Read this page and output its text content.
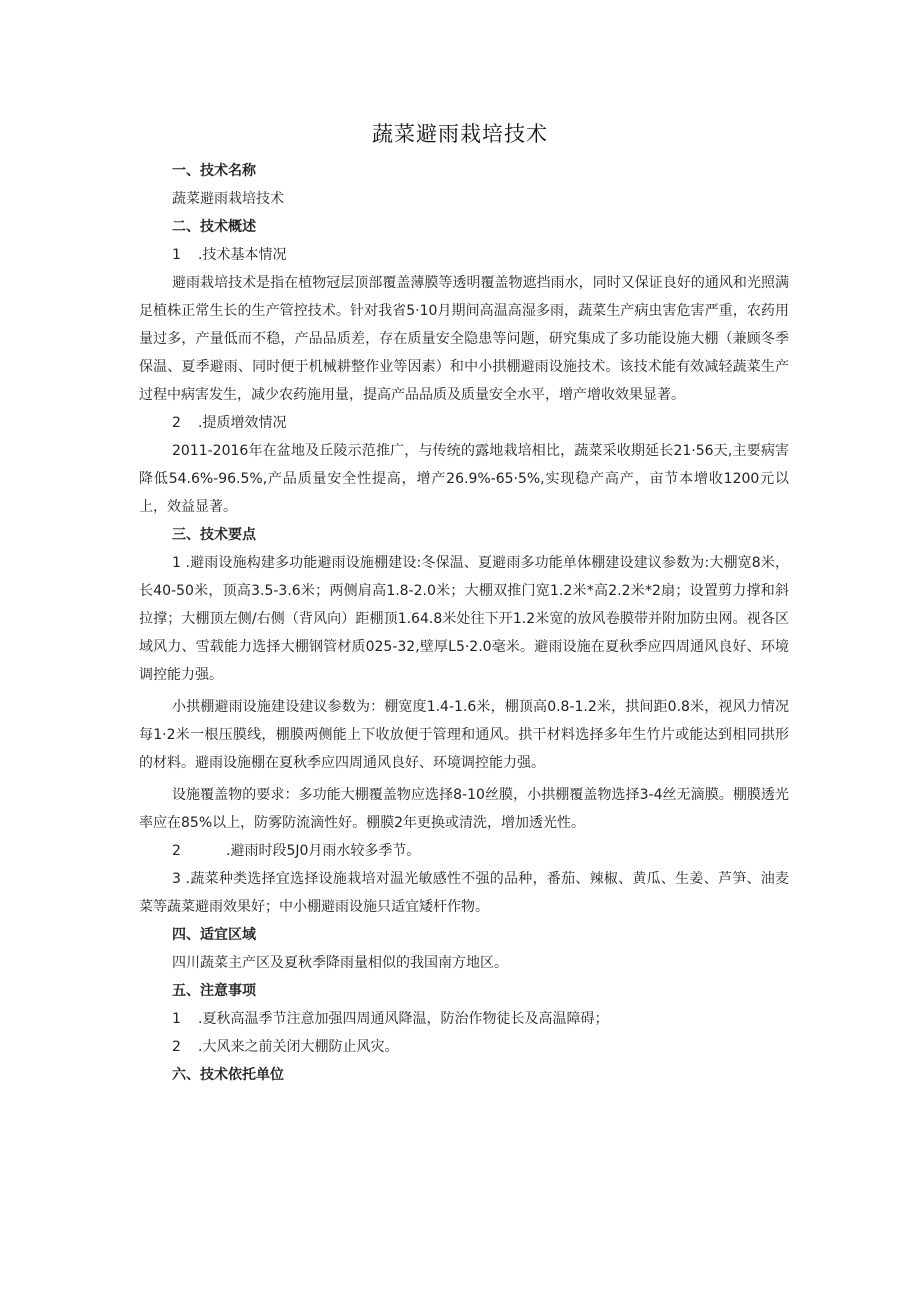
蔬菜避雨栽培技术
一、技术名称
蔬菜避雨栽培技术
二、技术概述
1 .技术基本情况

避雨栽培技术是指在植物冠层顶部覆盖薄膜等透明覆盖物遮挡雨水，同时又保证良好的通风和光照满足植株正常生长的生产管控技术。针对我省5·10月期间高温高湿多雨，蔬菜生产病虫害危害严重，农药用量过多，产量低而不稳，产品品质差，存在质量安全隐患等问题，研究集成了多功能设施大棚（兼顾冬季保温、夏季避雨、同时便于机械耕整作业等因素）和中小拱棚避雨设施技术。该技术能有效减轻蔬菜生产过程中病害发生，减少农药施用量，提高产品品质及质量安全水平，增产增收效果显著。

2 .提质增效情况

2011-2016年在盆地及丘陵示范推广，与传统的露地栽培相比，蔬菜采收期延长21·56天,主要病害降低54.6%-96.5%,产品质量安全性提高，增产26.9%-65·5%,实现稳产高产，亩节本增收1200元以上，效益显著。

三、技术要点

1 .避雨设施构建多功能避雨设施棚建设:冬保温、夏避雨多功能单体棚建设建议参数为:大棚宽8米，长40-50米，顶高3.5-3.6米；两侧肩高1.8-2.0米；大棚双推门宽1.2米*高2.2米*2扇；设置剪力撑和斜拉撑；大棚顶左侧/右侧（背风向）距棚顶1.64.8米处往下开1.2米宽的放风卷膜带并附加防虫网。视各区域风力、雪载能力选择大棚钢管材质025-32,壁厚L5·2.0毫米。避雨设施在夏秋季应四周通风良好、环境调控能力强。

小拱棚避雨设施建设建议参数为：棚宽度1.4-1.6米，棚顶高0.8-1.2米，拱间距0.8米，视风力情况每1·2米一根压膜线，棚膜两侧能上下收放便于管理和通风。拱干材料选择多年生竹片或能达到相同拱形的材料。避雨设施棚在夏秋季应四周通风良好、环境调控能力强。

设施覆盖物的要求：多功能大棚覆盖物应选择8-10丝膜，小拱棚覆盖物选择3-4丝无滴膜。棚膜透光率应在85%以上，防雾防流滴性好。棚膜2年更换或清洗，增加透光性。

2	.避雨时段5J0月雨水较多季节。

3 .蔬菜种类选择宜选择设施栽培对温光敏感性不强的品种，番茄、辣椒、黄瓜、生姜、芦笋、油麦菜等蔬菜避雨效果好；中小棚避雨设施只适宜矮杆作物。

四、适宜区域
四川蔬菜主产区及夏秋季降雨量相似的我国南方地区。
五、注意事项
1 .夏秋高温季节注意加强四周通风降温，防治作物徒长及高温障碍；
2 .大风来之前关闭大棚防止风灾。
六、技术依托单位
